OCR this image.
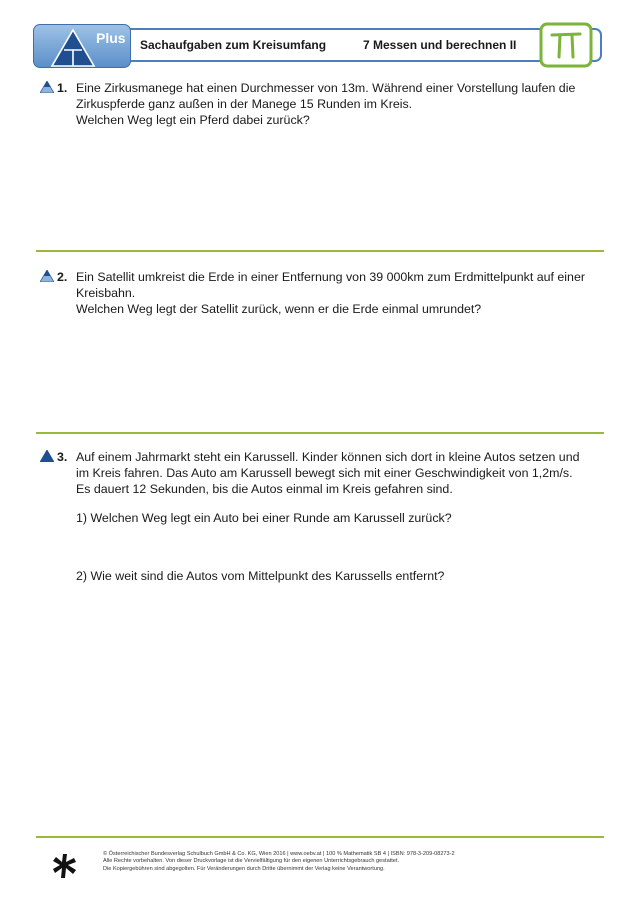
Plus Sachaufgaben zum Kreisumfang	7 Messen und berechnen II
1. Eine Zirkusmanege hat einen Durchmesser von 13m. Während einer Vorstellung laufen die

Zirkuspferde ganz außen in der Manege 15 Runden im Kreis.

Welchen Weg legt ein Pferd dabei zurück?

2. Ein Satellit umkreist die Erde in einer Entfernung von 39 000km zum Erdmittelpunkt auf einer

Kreisbahn.

Welchen Weg legt der Satellit zurück, wenn er die Erde einmal umrundet?

3. Auf einem Jahrmarkt steht ein Karussell. Kinder können sich dort in kleine Autos setzen und

im Kreis fahren. Das Auto am Karussell bewegt sich mit einer Geschwindigkeit von 1,2m/s.

Es dauert 12 Sekunden, bis die Autos einmal im Kreis gefahren sind.

1) Welchen Weg legt ein Auto bei einer Runde am Karussell zurück?
2) Wie weit sind die Autos vom Mittelpunkt des Karussells entfernt?
© Österreichischer Bundesverlag Schulbuch GmbH & Co. KG, Wien 2016 | www.oebv.at | 100 % Mathematik SB 4 | ISBN: 978-3-209-08273-2
Alle Rechte vorbehalten. Von dieser Druckvorlage ist die Vervielfältigung für den eigenen Unterrichtsgebrauch gestattet.
Die Kopiergebühren sind abgegolten. Für Veränderungen durch Dritte übernimmt der Verlag keine Verantwortung.
